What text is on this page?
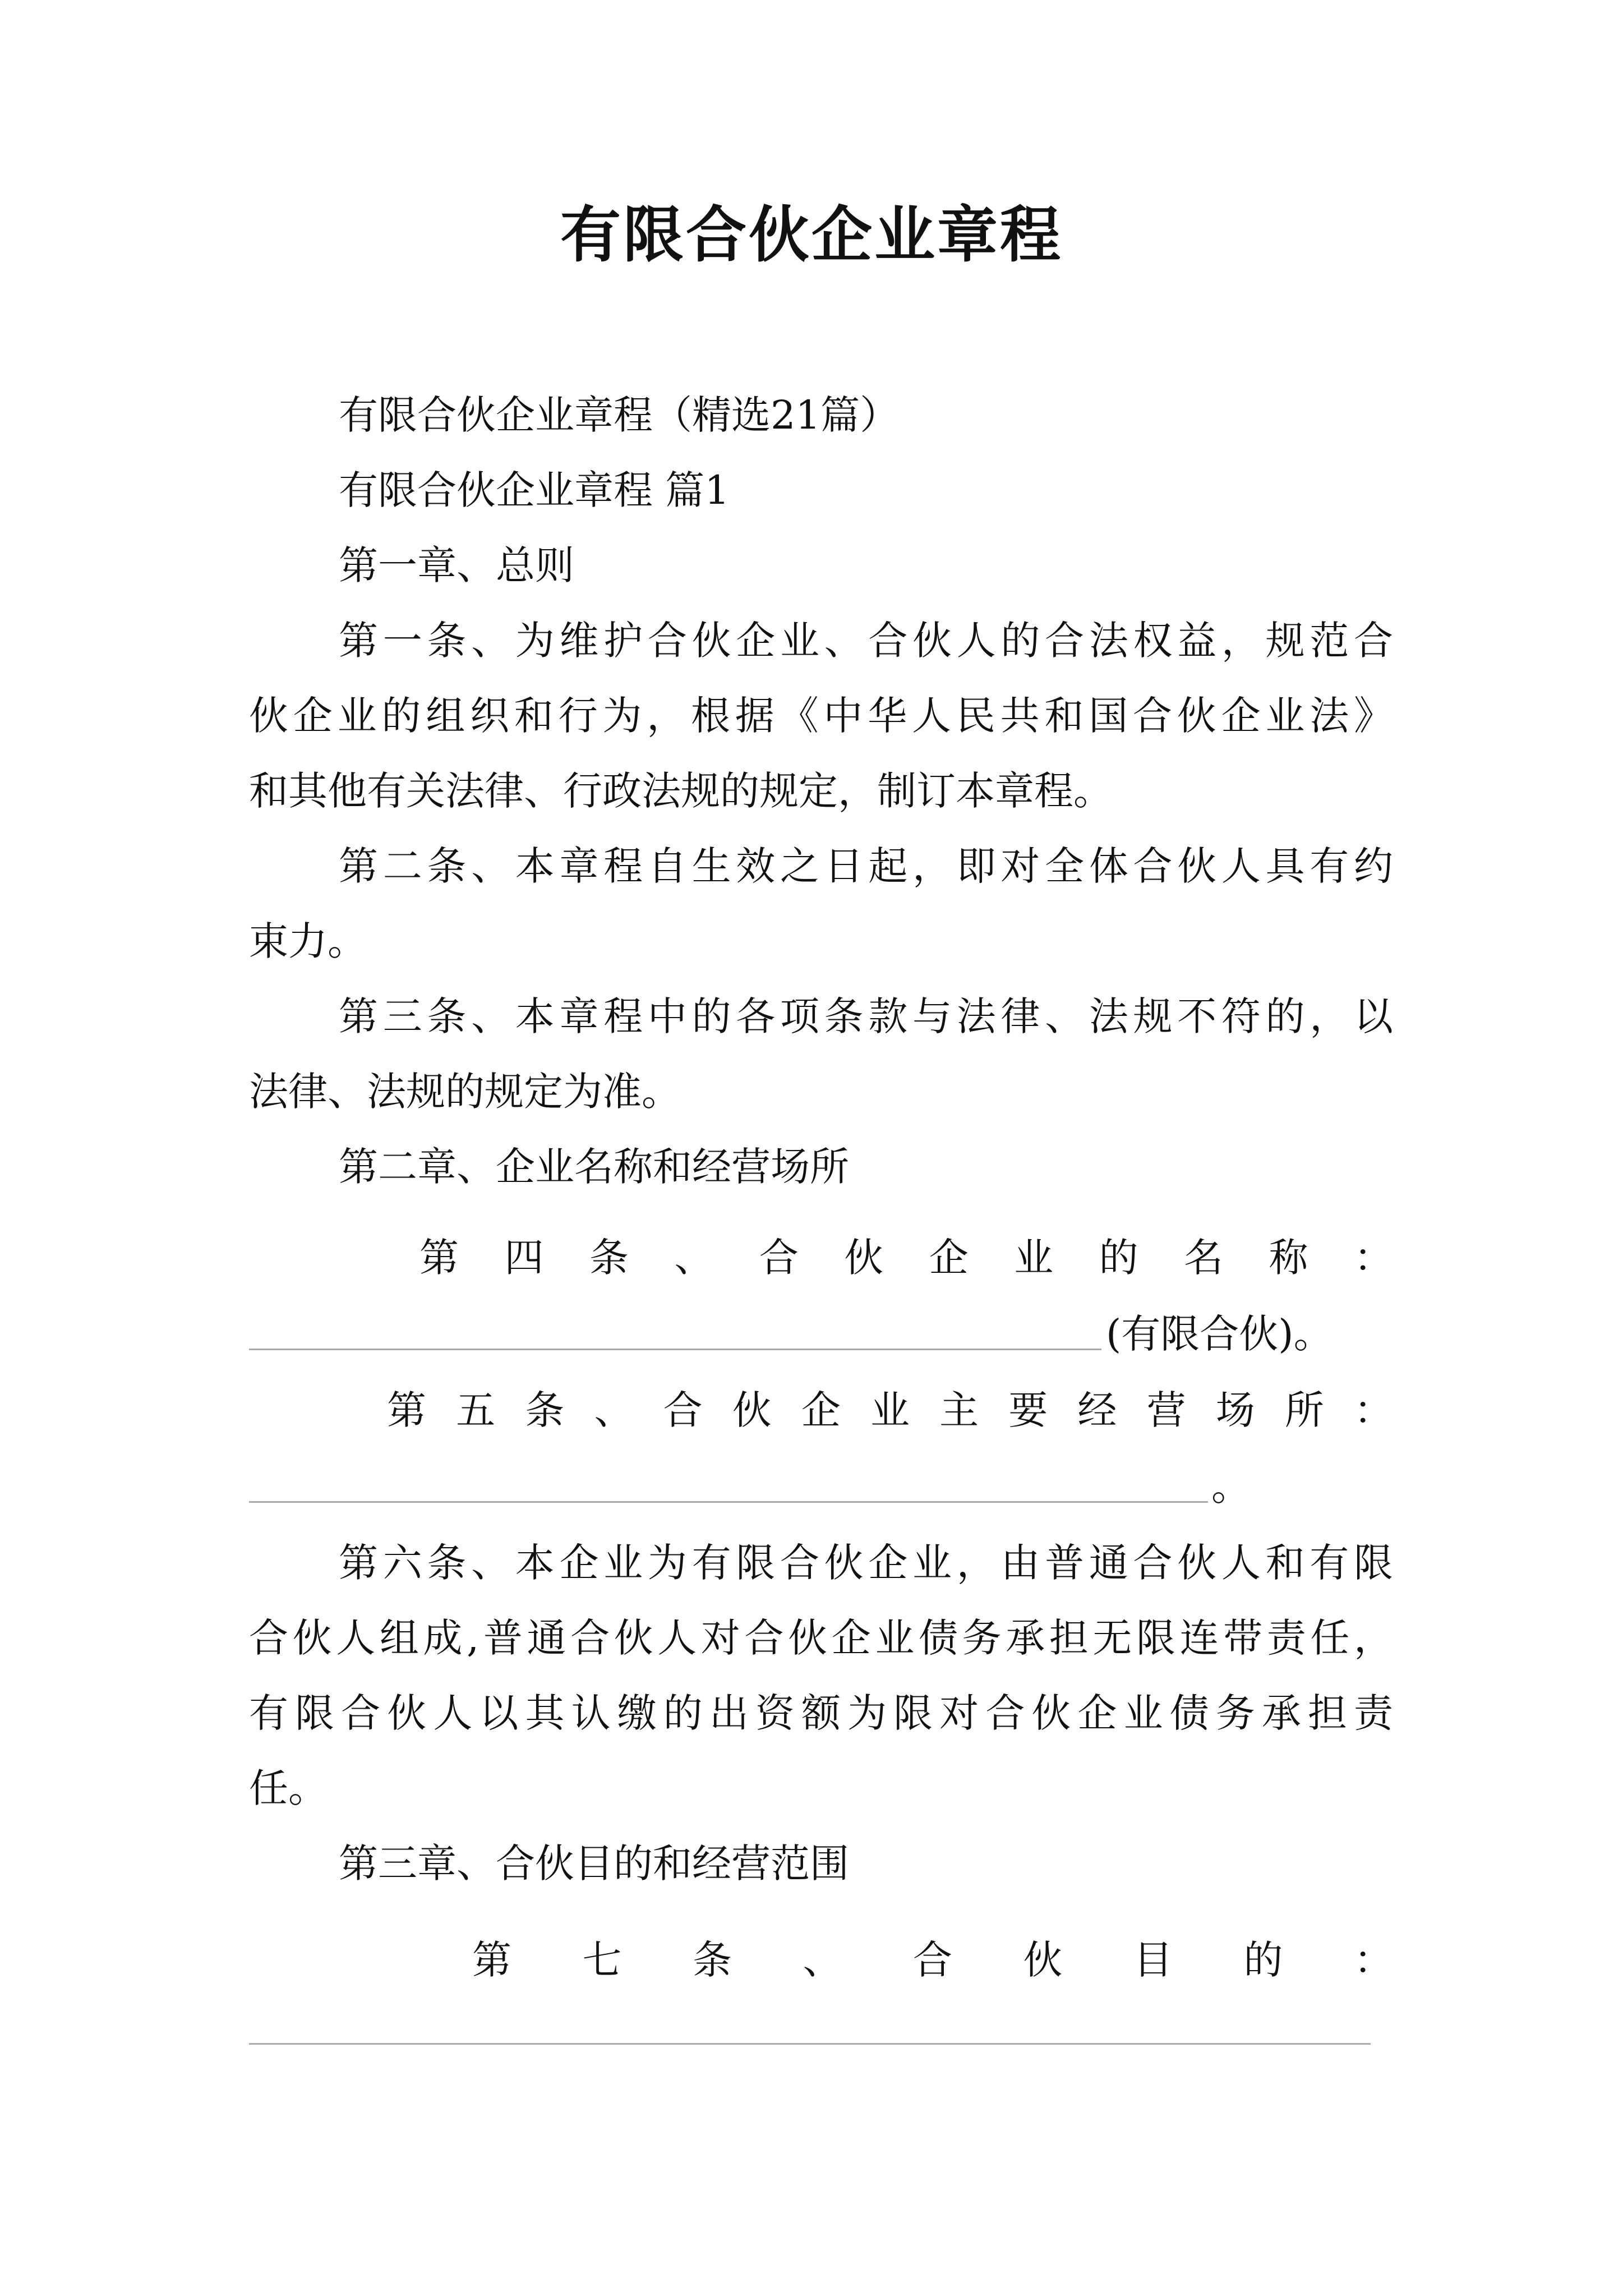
有限合伙企业章程
有限合伙企业章程（精选21篇）
有限合伙企业章程 篇1
第一章、总则
第一条、为维护合伙企业、合伙人的合法权益，规范合
伙企业的组织和行为，根据《中华人民共和国合伙企业法》
和其他有关法律、行政法规的规定，制订本章程。
第二条、本章程自生效之日起，即对全体合伙人具有约
束力。
第三条、本章程中的各项条款与法律、法规不符的，以
法律、法规的规定为准。
第二章、企业名称和经营场所
第四条、合伙企业的名称：
(有限合伙)。
第五条、合伙企业主要经营场所：
。
第六条、本企业为有限合伙企业，由普通合伙人和有限
合伙人组成,普通合伙人对合伙企业债务承担无限连带责任，
有限合伙人以其认缴的出资额为限对合伙企业债务承担责
任。
第三章、合伙目的和经营范围
第七条、合伙目的：
